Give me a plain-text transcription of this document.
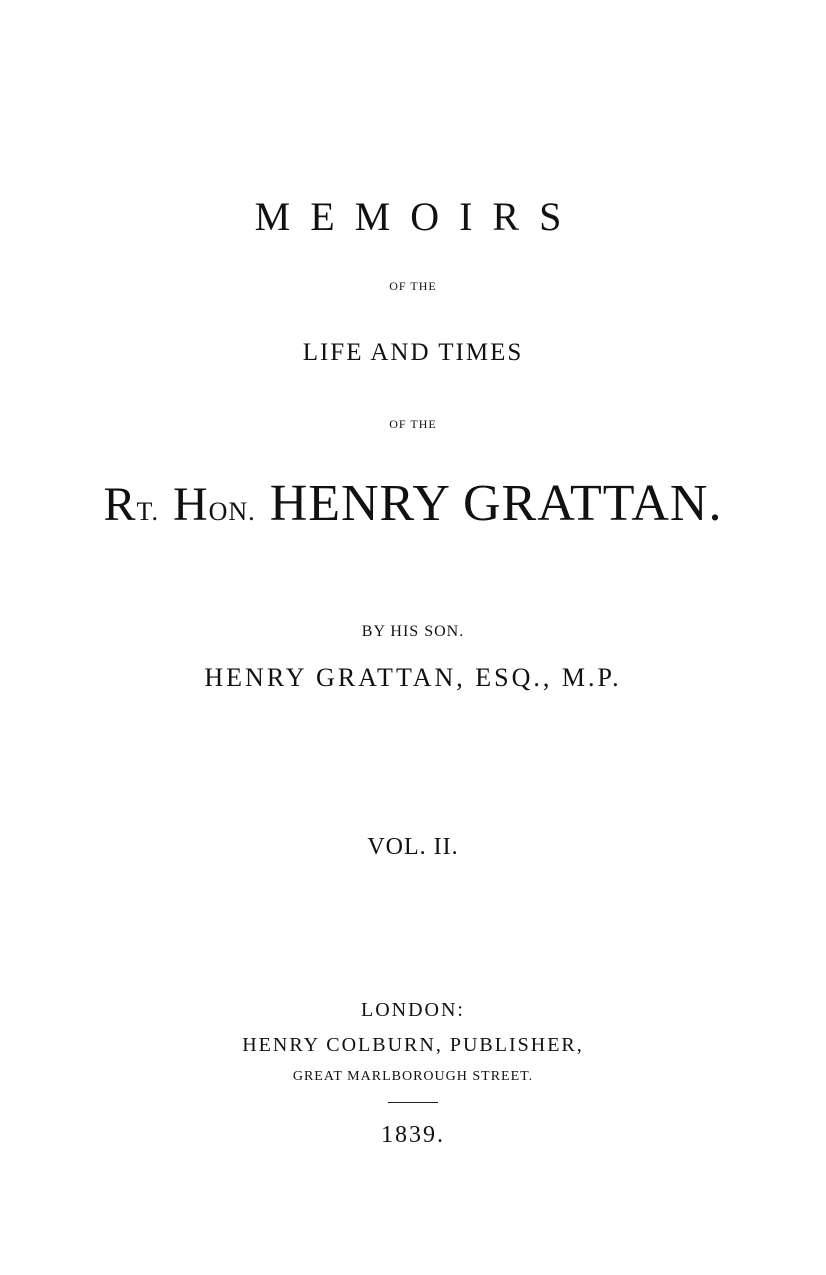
MEMOIRS
OF THE
LIFE AND TIMES
OF THE
RT. HON. HENRY GRATTAN.
BY HIS SON.
HENRY GRATTAN, ESQ., M.P.
VOL. II.
LONDON:
HENRY COLBURN, PUBLISHER,
GREAT MARLBOROUGH STREET.
1839.
